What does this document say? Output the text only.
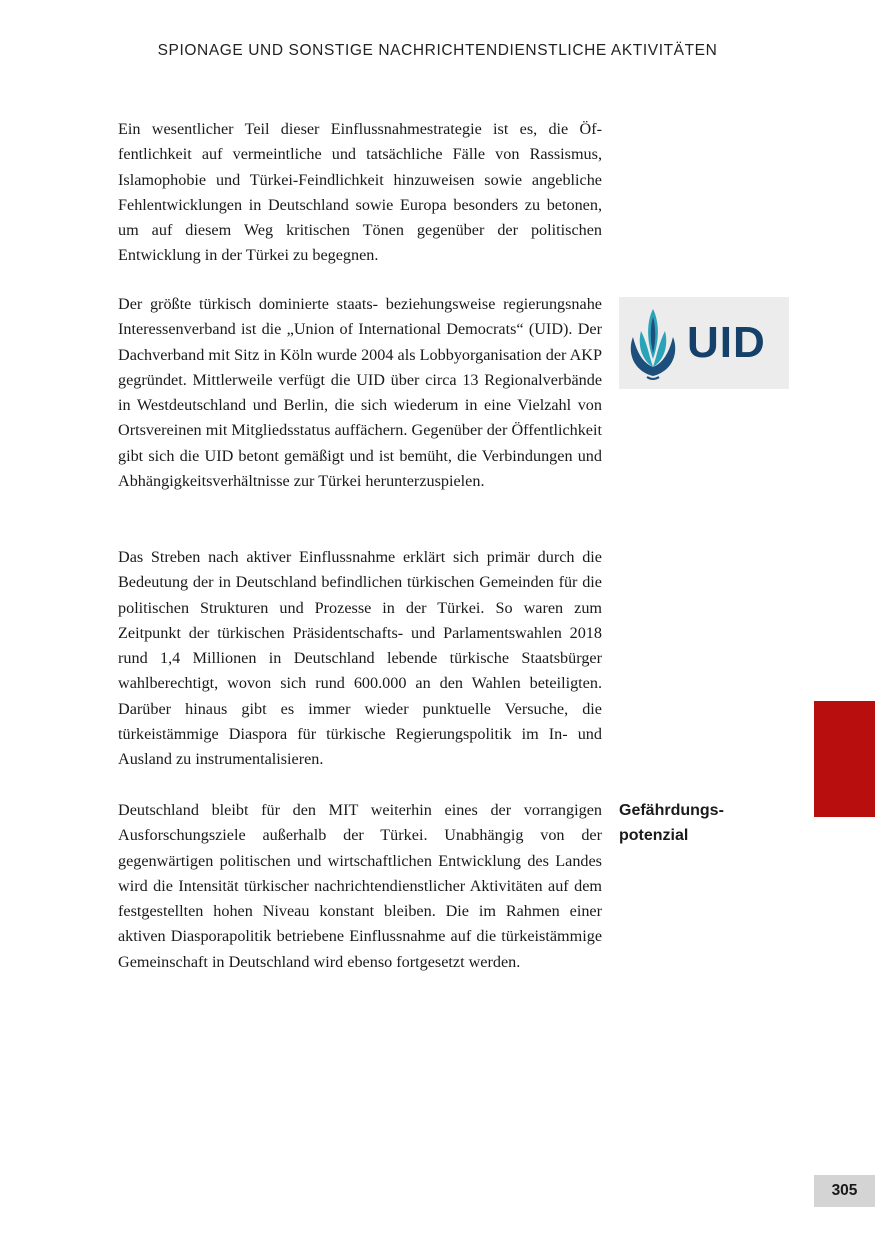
SPIONAGE UND SONSTIGE NACHRICHTENDIENSTLICHE AKTIVITÄTEN

Ein wesentlicher Teil dieser Einflussnahmestrategie ist es, die Öffentlichkeit auf vermeintliche und tatsächliche Fälle von Rassismus, Islamophobie und Türkei-Feindlichkeit hinzuweisen sowie angebliche Fehlentwicklungen in Deutschland sowie Europa besonders zu betonen, um auf diesem Weg kritischen Tönen gegenüber der politischen Entwicklung in der Türkei zu begegnen.

Der größte türkisch dominierte staats- beziehungsweise regierungsnahe Interessenverband ist die „Union of International Democrats“ (UID). Der Dachverband mit Sitz in Köln wurde 2004 als Lobbyorganisation der AKP gegründet. Mittlerweile verfügt die UID über circa 13 Regionalverbände in Westdeutschland und Berlin, die sich wiederum in eine Vielzahl von Ortsvereinen mit Mitgliedsstatus auffächern. Gegenüber der Öffentlichkeit gibt sich die UID betont gemäßigt und ist bemüht, die Verbindungen und Abhängigkeitsverhältnisse zur Türkei herunterzuspielen.

Das Streben nach aktiver Einflussnahme erklärt sich primär durch die Bedeutung der in Deutschland befindlichen türkischen Gemeinden für die politischen Strukturen und Prozesse in der Türkei. So waren zum Zeitpunkt der türkischen Präsidentschafts- und Parlamentswahlen 2018 rund 1,4 Millionen in Deutschland lebende türkische Staatsbürger wahlberechtigt, wovon sich rund 600.000 an den Wahlen beteiligten. Darüber hinaus gibt es immer wieder punktuelle Versuche, die türkeistämmige Diaspora für türkische Regierungspolitik im In- und Ausland zu instrumentalisieren.

Deutschland bleibt für den MIT weiterhin eines der vorrangigen Ausforschungsziele außerhalb der Türkei. Unabhängig von der gegenwärtigen politischen und wirtschaftlichen Entwicklung des Landes wird die Intensität türkischer nachrichtendienstlicher Aktivitäten auf dem festgestellten hohen Niveau konstant bleiben. Die im Rahmen einer aktiven Diasporapolitik betriebene Einflussnahme auf die türkeistämmige Gemeinschaft in Deutschland wird ebenso fortgesetzt werden.

UID
Gefährdungs-
potenzial
305
